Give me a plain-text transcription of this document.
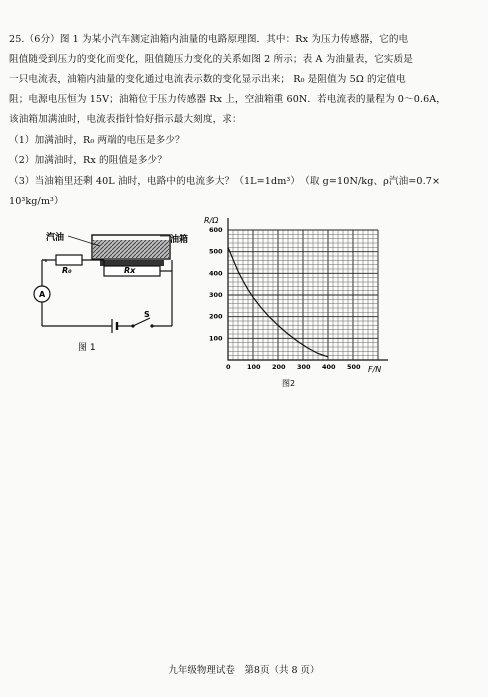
25.（6分）图 1 为某小汽车测定油箱内油量的电路原理图．其中：Rx 为压力传感器，它的电
阻值随受到压力的变化而变化，阻值随压力变化的关系如图 2 所示；表 A 为油量表，它实质是
一只电流表，油箱内油量的变化通过电流表示数的变化显示出来； R₀ 是阻值为 5Ω 的定值电
阻；电源电压恒为 15V；油箱位于压力传感器 Rx 上，空油箱重 60N．若电流表的量程为 0～0.6A，
该油箱加满油时，电流表指针恰好指示最大刻度，求：
（1）加满油时，R₀ 两端的电压是多少？
（2）加满油时，Rx 的阻值是多少？
（3）当油箱里还剩 40L 油时，电路中的电流多大？（1L=1dm³）　（取 g=10N/kg、ρ汽油=0.7×
10³kg/m³）
汽油	油箱
R₀	Rx
A
S
图 1
0	100 200 300 400 500
100
200
300
400
500
600
R/Ω
F/N
图2
九年级物理试卷　第8页（共 8 页）
